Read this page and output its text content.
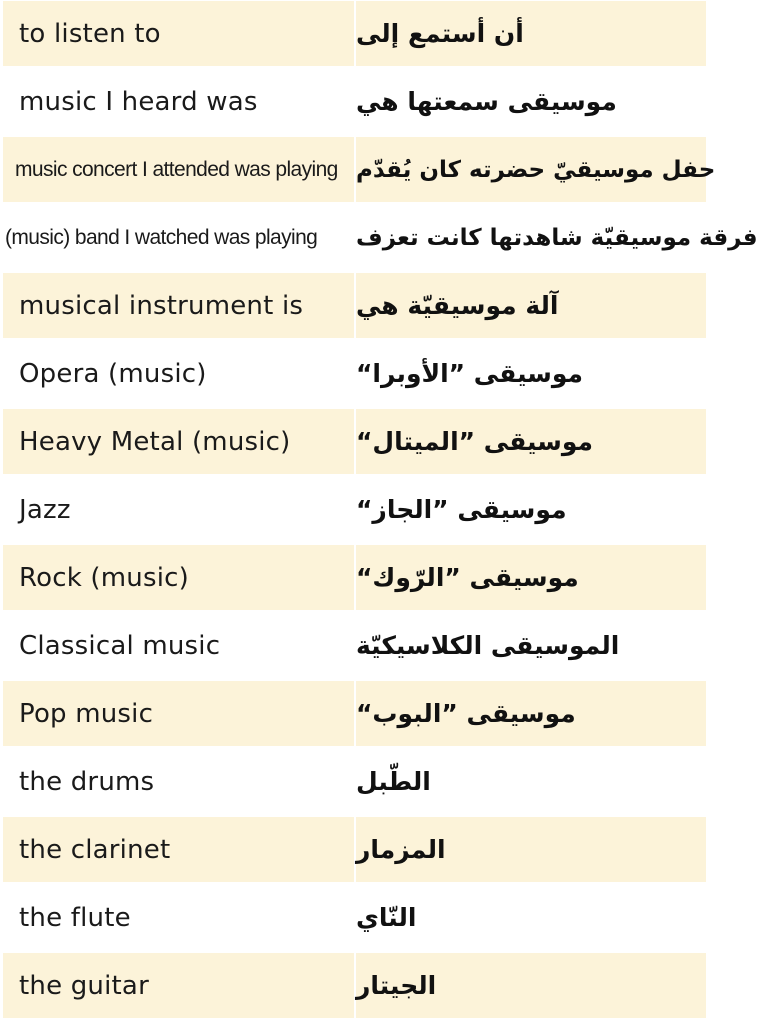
to listen to	أن أستمع إلى
music I heard was	موسيقى سمعتها هي
music concert I attended was playing حفل موسيقيّ حضرته كان يُقدّم
(music) band I watched was playing	فرقة موسيقيّة شاهدتها كانت تعزف
musical instrument is	آلة موسيقيّة هي
Opera (music)	موسيقى ”الأوبرا“
Heavy Metal (music)	موسيقى ”الميتال“
Jazz	موسيقى ”الجاز“
Rock (music)	موسيقى ”الرّوك“
Classical music	الموسيقى الكلاسيكيّة
Pop music	موسيقى ”البوب“
the drums	الطّبل
the clarinet	المزمار
the flute	النّاي
the guitar	الجيتار
